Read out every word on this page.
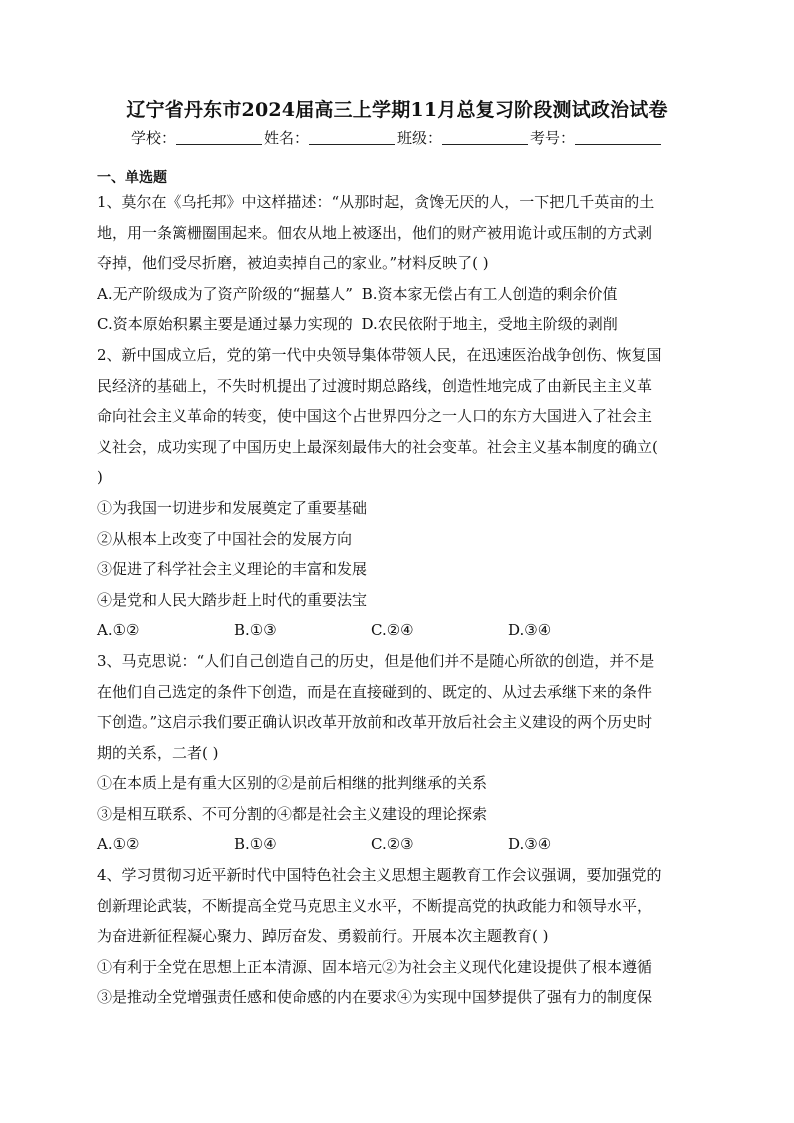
辽宁省丹东市2024届高三上学期11月总复习阶段测试政治试卷
学校：	姓名：	班级：	考号：
一、单选题
1、莫尔在《乌托邦》中这样描述：“从那时起，贪馋无厌的人，一下把几千英亩的土
地，用一条篱栅圈围起来。佃农从地上被逐出，他们的财产被用诡计或压制的方式剥
夺掉，他们受尽折磨，被迫卖掉自己的家业。”材料反映了( )
A.无产阶级成为了资产阶级的“掘墓人” B.资本家无偿占有工人创造的剩余价值
C.资本原始积累主要是通过暴力实现的 D.农民依附于地主，受地主阶级的剥削
2、新中国成立后，党的第一代中央领导集体带领人民，在迅速医治战争创伤、恢复国
民经济的基础上，不失时机提出了过渡时期总路线，创造性地完成了由新民主主义革
命向社会主义革命的转变，使中国这个占世界四分之一人口的东方大国进入了社会主
义社会，成功实现了中国历史上最深刻最伟大的社会变革。社会主义基本制度的确立(
)
①为我国一切进步和发展奠定了重要基础
②从根本上改变了中国社会的发展方向
③促进了科学社会主义理论的丰富和发展
④是党和人民大踏步赶上时代的重要法宝
A.①②	B.①③	C.②④	D.③④
3、马克思说：“人们自己创造自己的历史，但是他们并不是随心所欲的创造，并不是
在他们自己选定的条件下创造，而是在直接碰到的、既定的、从过去承继下来的条件
下创造。”这启示我们要正确认识改革开放前和改革开放后社会主义建设的两个历史时
期的关系，二者( )
①在本质上是有重大区别的②是前后相继的批判继承的关系
③是相互联系、不可分割的④都是社会主义建设的理论探索
A.①②	B.①④	C.②③	D.③④
4、学习贯彻习近平新时代中国特色社会主义思想主题教育工作会议强调，要加强党的
创新理论武装，不断提高全党马克思主义水平，不断提高党的执政能力和领导水平，
为奋进新征程凝心聚力、踔厉奋发、勇毅前行。开展本次主题教育( )
①有利于全党在思想上正本清源、固本培元②为社会主义现代化建设提供了根本遵循
③是推动全党增强责任感和使命感的内在要求④为实现中国梦提供了强有力的制度保
